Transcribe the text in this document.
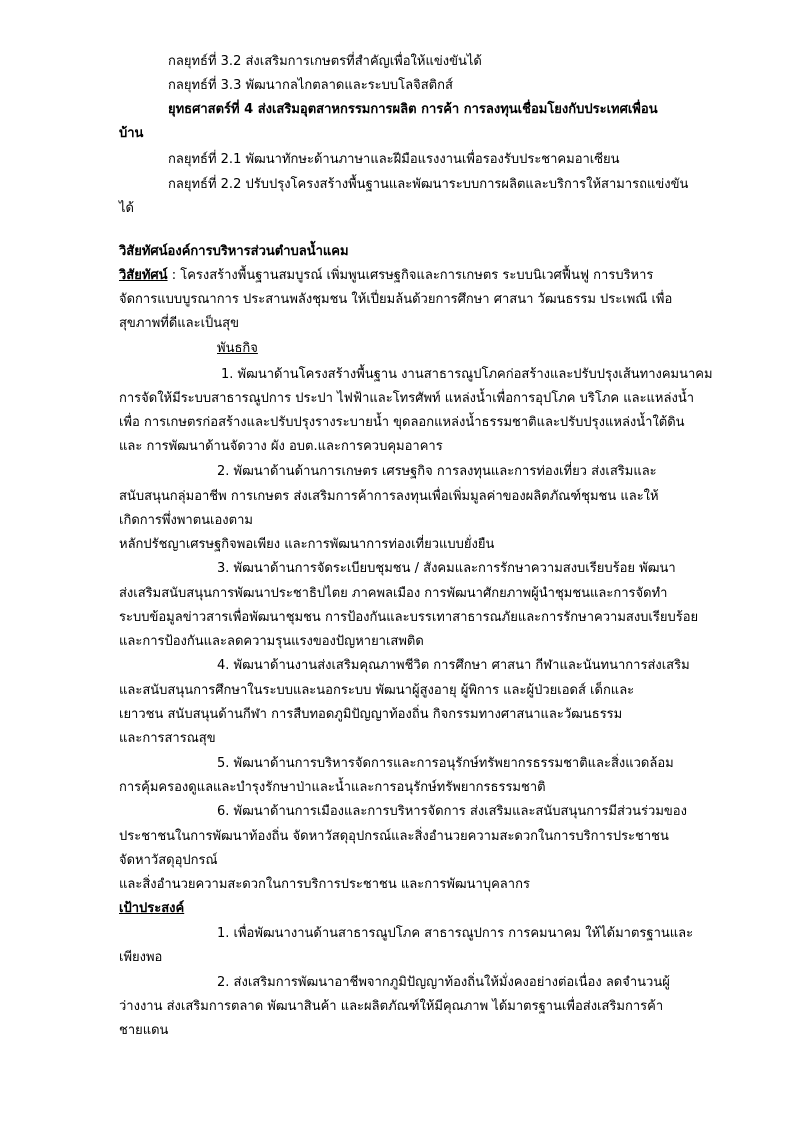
กลยุทธ์ที่ 3.2 ส่งเสริมการเกษตรที่สำคัญเพื่อให้แข่งขันได้
กลยุทธ์ที่ 3.3 พัฒนากลไกตลาดและระบบโลจิสติกส์
ยุทธศาสตร์ที่ 4 ส่งเสริมอุตสาหกรรมการผลิต การค้า การลงทุนเชื่อมโยงกับประเทศเพื่อน
บ้าน
กลยุทธ์ที่ 2.1 พัฒนาทักษะด้านภาษาและฝีมือแรงงานเพื่อรองรับประชาคมอาเซียน
กลยุทธ์ที่ 2.2 ปรับปรุงโครงสร้างพื้นฐานและพัฒนาระบบการผลิตและบริการให้สามารถแข่งขัน
ได้
วิสัยทัศน์องค์การบริหารส่วนตำบลน้ำแคม
วิสัยทัศน์ : โครงสร้างพื้นฐานสมบูรณ์ เพิ่มพูนเศรษฐกิจและการเกษตร ระบบนิเวศฟื้นฟู การบริหาร
จัดการแบบบูรณาการ ประสานพลังชุมชน ให้เปี่ยมล้นด้วยการศึกษา ศาสนา วัฒนธรรม ประเพณี เพื่อ
สุขภาพที่ดีและเป็นสุข
พันธกิจ
1. พัฒนาด้านโครงสร้างพื้นฐาน งานสาธารณูปโภคก่อสร้างและปรับปรุงเส้นทางคมนาคม
การจัดให้มีระบบสาธารณูปการ ประปา ไฟฟ้าและโทรศัพท์ แหล่งน้ำเพื่อการอุปโภค บริโภค และแหล่งน้ำ
เพื่อ การเกษตรก่อสร้างและปรับปรุงรางระบายน้ำ ขุดลอกแหล่งน้ำธรรมชาติและปรับปรุงแหล่งน้ำใต้ดิน
และ การพัฒนาด้านจัดวาง ผัง อบต.และการควบคุมอาคาร
2. พัฒนาด้านด้านการเกษตร เศรษฐกิจ การลงทุนและการท่องเที่ยว ส่งเสริมและ
สนับสนุนกลุ่มอาชีพ การเกษตร ส่งเสริมการค้าการลงทุนเพื่อเพิ่มมูลค่าของผลิตภัณฑ์ชุมชน และให้
เกิดการพึ่งพาตนเองตาม
หลักปรัชญาเศรษฐกิจพอเพียง และการพัฒนาการท่องเที่ยวแบบยั่งยืน
3. พัฒนาด้านการจัดระเบียบชุมชน / สังคมและการรักษาความสงบเรียบร้อย พัฒนา
ส่งเสริมสนับสนุนการพัฒนาประชาธิปไตย ภาคพลเมือง การพัฒนาศักยภาพผู้นำชุมชนและการจัดทำ
ระบบข้อมูลข่าวสารเพื่อพัฒนาชุมชน การป้องกันและบรรเทาสาธารณภัยและการรักษาความสงบเรียบร้อย
และการป้องกันและลดความรุนแรงของปัญหายาเสพติด
4. พัฒนาด้านงานส่งเสริมคุณภาพชีวิต การศึกษา ศาสนา กีฬาและนันทนาการส่งเสริม
และสนับสนุนการศึกษาในระบบและนอกระบบ พัฒนาผู้สูงอายุ ผู้พิการ และผู้ป่วยเอดส์ เด็กและ
เยาวชน สนับสนุนด้านกีฬา การสืบทอดภูมิปัญญาท้องถิ่น กิจกรรมทางศาสนาและวัฒนธรรม
และการสารณสุข
5. พัฒนาด้านการบริหารจัดการและการอนุรักษ์ทรัพยากรธรรมชาติและสิ่งแวดล้อม
การคุ้มครองดูแลและบำรุงรักษาป่าและน้ำและการอนุรักษ์ทรัพยากรธรรมชาติ
6. พัฒนาด้านการเมืองและการบริหารจัดการ ส่งเสริมและสนับสนุนการมีส่วนร่วมของ
ประชาชนในการพัฒนาท้องถิ่น จัดหาวัสดุอุปกรณ์และสิ่งอำนวยความสะดวกในการบริการประชาชน
จัดหาวัสดุอุปกรณ์
และสิ่งอำนวยความสะดวกในการบริการประชาชน และการพัฒนาบุคลากร
เป้าประสงค์
1. เพื่อพัฒนางานด้านสาธารณูปโภค สาธารณูปการ การคมนาคม ให้ได้มาตรฐานและ
เพียงพอ
2. ส่งเสริมการพัฒนาอาชีพจากภูมิปัญญาท้องถิ่นให้มั่งคงอย่างต่อเนื่อง ลดจำนวนผู้
ว่างงาน ส่งเสริมการตลาด พัฒนาสินค้า และผลิตภัณฑ์ให้มีคุณภาพ ได้มาตรฐานเพื่อส่งเสริมการค้า
ชายแดน
